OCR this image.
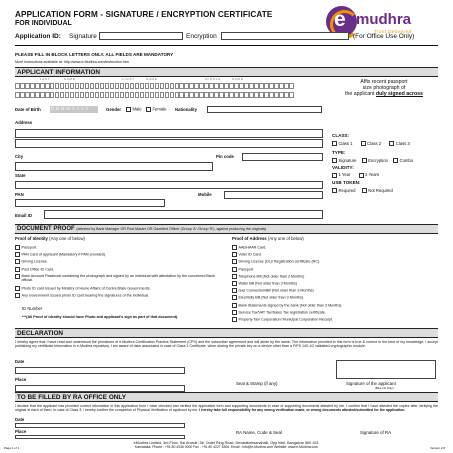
APPLICATION FORM - SIGNATURE / ENCRYPTION CERTIFICATE
FOR INDIVIDUAL	e mudhra
Trust Delivered
Application ID: Signature	Encryption	(For Office Use Only)
PLEASE FILL IN BLOCK LETTERS ONLY. ALL FIELDS ARE MANDATORY
More Instructions available at: http://www.e-Mudhra.com/instruction.htm
APPLICANT INFORMATION
L A S T	N A M E	F I R S T	N A M E	M I D D L E	N A M E	Affix recent passport
size photograph of
the applicant duly signed across
Date of Birth D D M M Y Y Y Y	Gender	Male	Female Nationality
Address
CLASS:
Class 1	Class 2	Class 3
TYPE:
Signature	Encryption	Combo
VALIDITY:
1 Year	2 Years
USB TOKEN:
Required	Not Required
City	Pin code
State
PAN	Mobile
Email ID
DOCUMENT PROOF (attested by Bank Manager OR Post Master OR Gazetted Officer (Group 'A' /Group 'B'), against producing the originals)
Proof of Identity (Any one of below)	Proof of Address (Any one of below)
Passport.
PAN Card of applicant (Mandatory if PAN provided).
Driving License.
Post Office ID Card.
Bank Account Passbook containing the photograph and signed by an individual with attestation by the concerned Bank official.
Photo ID card issued by Ministry of Home Affairs of Centre/State Governments.
Any Government issued photo ID card bearing the signatures of the individual.
ID Number
***(All Proof of identity should have Photo and applicant's sign as part of that document).
AADHAAR Card.
Voter ID Card.
Driving License (DL)/ Registration certificate (RC).
Passport.
Telephone Bill (Not older than 3 Months)
Water Bill (Not older than 3 Months)
Gas Connection/Bill (Not older than 3 Months)
Electricity Bill (Not older than 3 Months).
Bank Statements signed by the bank (Not older than 3 Months).
Service Tax/VAT Tax/Sales Tax registration certificate.
Property Tax/ Corporation/ Municipal Corporation Receipt.
DECLARATION
I hereby agree that I have read and understood the provisions of e-Mudhra Certification Practice Statement (CPS) and the subscriber agreement and will abide by the same. The information provided in this form is true & correct to the best of my knowledge. I accept publishing my certificate information in e-Mudhra repository. I am aware of risks associated in case of Class 1 Certificate, when storing the private key on a device other than a FIPS 140-1/2 validated cryptographic module.
Date
Place
Seal & Stamp (if any)	Signature of the applicant
(Blue Ink Only)
TO BE FILLED BY RA OFFICE ONLY
I declare that the applicant has provided correct information in this application form I have checked and verified the application form and supporting documents in case of supporting documents attested by me. I confirm that I have attested the copies after verifying the original of each of them. In case of Class 3, I hereby confirm the completion of Physical Verification of applicant by me. I hereby take full responsibility for any wrong verification made, or wrong documents attested/submitted for the application.
Date
Place	RA Name, Code & Seal	Signature of RA
eMudhra Limited, 3rd Floor, Sai Arcade, 56, Outer Ring Road, Devarabeesanahalli, Opp Intel, Bangalore 560 103.
Karnataka. Phone : +91 80 4336 0000 Fax : +91 80 4227 5306. Email : info@e-Mudhra.com Website: www.e-Mudhra.com
Page 1 of 1	Version 2.8
